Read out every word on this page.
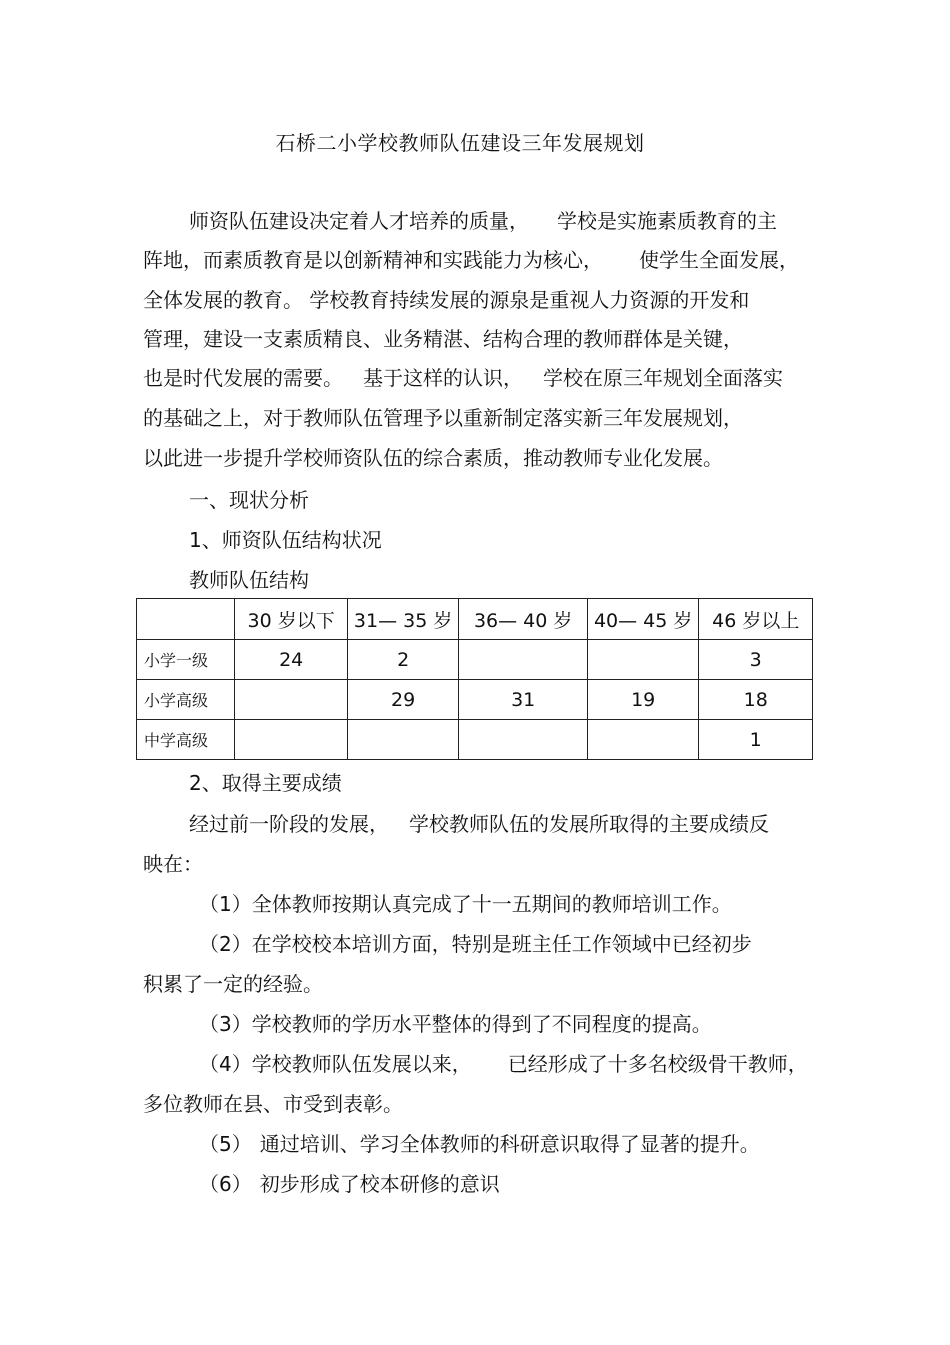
石桥二小学校教师队伍建设三年发展规划
师资队伍建设决定着人才培养的质量， 学校是实施素质教育的主
阵地，而素质教育是以创新精神和实践能力为核心， 使学生全面发展，
全体发展的教育。 学校教育持续发展的源泉是重视人力资源的开发和
管理，建设一支素质精良、业务精湛、结构合理的教师群体是关键，
也是时代发展的需要。 基于这样的认识， 学校在原三年规划全面落实
的基础之上，对于教师队伍管理予以重新制定落实新三年发展规划，
以此进一步提升学校师资队伍的综合素质，推动教师专业化发展。
一、现状分析
1、师资队伍结构状况
教师队伍结构
	30 岁以下	31— 35 岁	36— 40 岁	40— 45 岁	46 岁以上
小学一级	24	2			3
小学高级		29	31	19	18
中学高级					1
2、取得主要成绩
经过前一阶段的发展， 学校教师队伍的发展所取得的主要成绩反
映在：
（1）全体教师按期认真完成了十一五期间的教师培训工作。
（2）在学校校本培训方面，特别是班主任工作领域中已经初步
积累了一定的经验。
（3）学校教师的学历水平整体的得到了不同程度的提高。
（4）学校教师队伍发展以来， 已经形成了十多名校级骨干教师，
多位教师在县、市受到表彰。
（5） 通过培训、学习全体教师的科研意识取得了显著的提升。
（6） 初步形成了校本研修的意识
